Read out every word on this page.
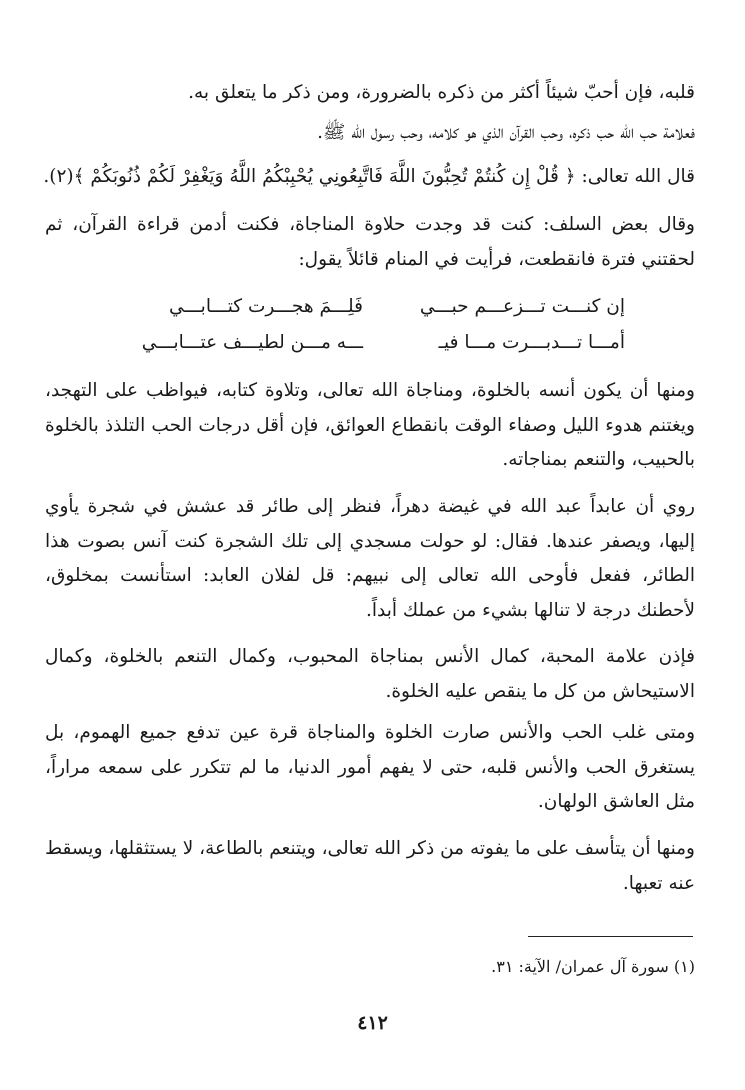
قلبه، فإن أحبّ شيئاً أكثر من ذكره بالضرورة، ومن ذكر ما يتعلق به.

فعلامة حب الله حب ذكره، وحب القرآن الذي هو كلامه، وحب رسول الله ﷺ.

قال الله تعالى: ﴿ قُلْ إِن كُنتُمْ تُحِبُّونَ اللَّهَ فَاتَّبِعُونِي يُحْبِبْكُمُ اللَّهُ وَيَغْفِرْ لَكُمْ ذُنُوبَكُمْ ﴾(٢).

وقال بعض السلف: كنت قد وجدت حلاوة المناجاة، فكنت أدمن قراءة القرآن، ثم لحقتني فترة فانقطعت، فرأيت في المنام قائلاً يقول:

إن كنـــت تـــزعـــم حبـــي
فَلِـــمَ هجـــرت كتـــابـــي
أمـــا تـــدبـــرت مـــا فيـ
ـــه مـــن لطيـــف عتـــابـــي

ومنها أن يكون أنسه بالخلوة، ومناجاة الله تعالى، وتلاوة كتابه، فيواظب على التهجد، ويغتنم هدوء الليل وصفاء الوقت بانقطاع العوائق، فإن أقل درجات الحب التلذذ بالخلوة بالحبيب، والتنعم بمناجاته.

روي أن عابداً عبد الله في غيضة دهراً، فنظر إلى طائر قد عشش في شجرة يأوي إليها، ويصفر عندها. فقال: لو حولت مسجدي إلى تلك الشجرة كنت آنس بصوت هذا الطائر، ففعل فأوحى الله تعالى إلى نبيهم: قل لفلان العابد: استأنست بمخلوق، لأحطنك درجة لا تنالها بشيء من عملك أبداً.

فإذن علامة المحبة، كمال الأنس بمناجاة المحبوب، وكمال التنعم بالخلوة، وكمال الاستيحاش من كل ما ينقص عليه الخلوة.

ومتى غلب الحب والأنس صارت الخلوة والمناجاة قرة عين تدفع جميع الهموم، بل يستغرق الحب والأنس قلبه، حتى لا يفهم أمور الدنيا، ما لم تتكرر على سمعه مراراً، مثل العاشق الولهان.

ومنها أن يتأسف على ما يفوته من ذكر الله تعالى، ويتنعم بالطاعة، لا يستثقلها، ويسقط عنه تعبها.

(١) سورة آل عمران/ الآية: ٣١.
٤١٢
